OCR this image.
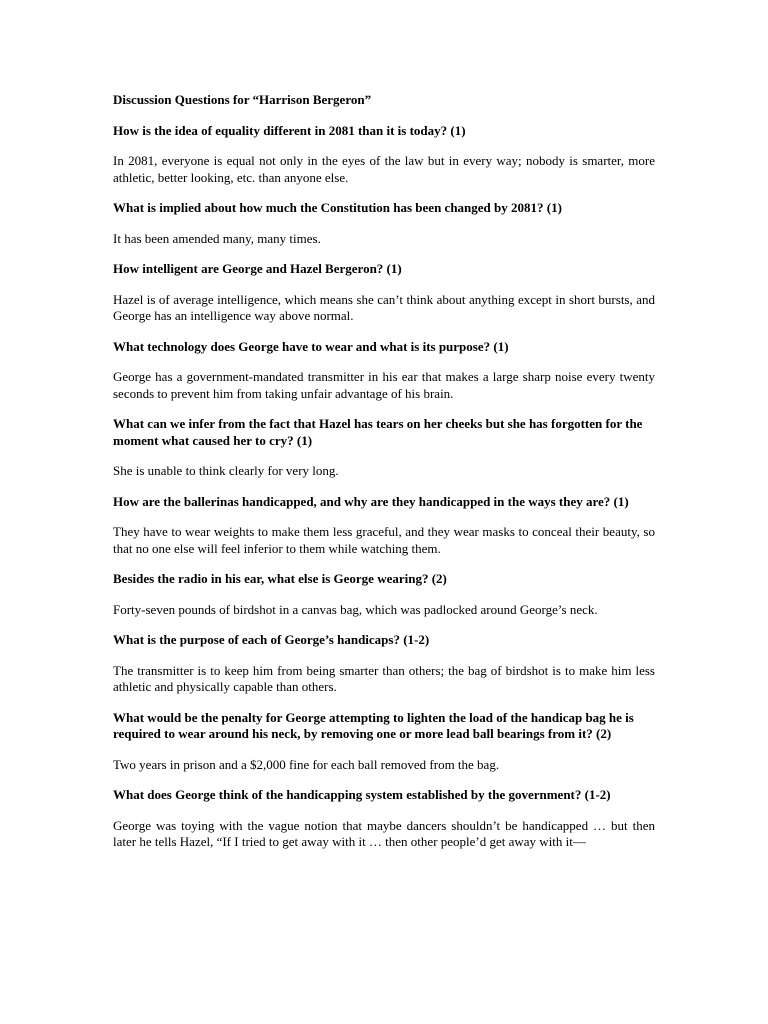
Discussion Questions for “Harrison Bergeron”
How is the idea of equality different in 2081 than it is today? (1)
In 2081, everyone is equal not only in the eyes of the law but in every way; nobody is smarter, more athletic, better looking, etc. than anyone else.
What is implied about how much the Constitution has been changed by 2081? (1)
It has been amended many, many times.
How intelligent are George and Hazel Bergeron? (1)
Hazel is of average intelligence, which means she can’t think about anything except in short bursts, and George has an intelligence way above normal.
What technology does George have to wear and what is its purpose? (1)
George has a government-mandated transmitter in his ear that makes a large sharp noise every twenty seconds to prevent him from taking unfair advantage of his brain.
What can we infer from the fact that Hazel has tears on her cheeks but she has forgotten for the moment what caused her to cry? (1)
She is unable to think clearly for very long.
How are the ballerinas handicapped, and why are they handicapped in the ways they are? (1)
They have to wear weights to make them less graceful, and they wear masks to conceal their beauty, so that no one else will feel inferior to them while watching them.
Besides the radio in his ear, what else is George wearing? (2)
Forty-seven pounds of birdshot in a canvas bag, which was padlocked around George’s neck.
What is the purpose of each of George’s handicaps? (1-2)
The transmitter is to keep him from being smarter than others; the bag of birdshot is to make him less athletic and physically capable than others.
What would be the penalty for George attempting to lighten the load of the handicap bag he is required to wear around his neck, by removing one or more lead ball bearings from it? (2)
Two years in prison and a $2,000 fine for each ball removed from the bag.
What does George think of the handicapping system established by the government? (1-2)
George was toying with the vague notion that maybe dancers shouldn’t be handicapped … but then later he tells Hazel, “If I tried to get away with it … then other people’d get away with it—
